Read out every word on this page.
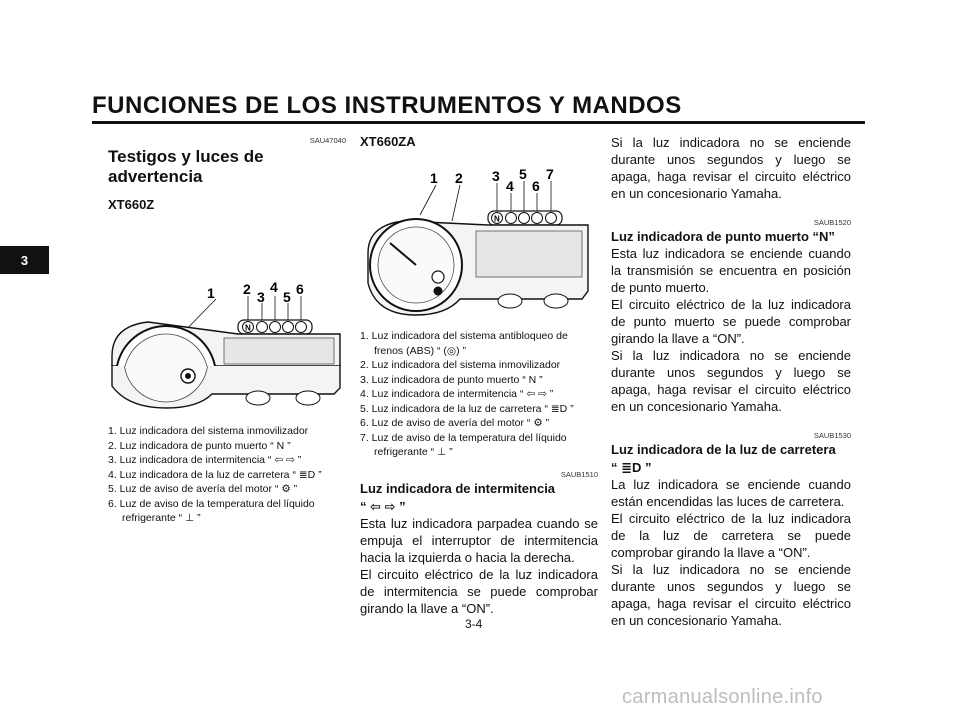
FUNCIONES DE LOS INSTRUMENTOS Y MANDOS
3
SAU47040
Testigos y luces de advertencia
XT660Z
1 2 3
4
5 6
N
1. Luz indicadora del sistema inmovilizador
2. Luz indicadora de punto muerto “ N ”
3. Luz indicadora de intermitencia “ ⇦ ⇨ ”
4. Luz indicadora de la luz de carretera “ ≣D ”
5. Luz de aviso de avería del motor “ ⚙ ”
6. Luz de aviso de la temperatura del líquido refrigerante “ ⊥ ”
XT660ZA
1 2 3
4
5
6
7
N
1. Luz indicadora del sistema antibloqueo de frenos (ABS) “ (◎) ”
2. Luz indicadora del sistema inmovilizador
3. Luz indicadora de punto muerto “ N ”
4. Luz indicadora de intermitencia “ ⇦ ⇨ ”
5. Luz indicadora de la luz de carretera “ ≣D ”
6. Luz de aviso de avería del motor “ ⚙ ”
7. Luz de aviso de la temperatura del líquido refrigerante “ ⊥ ”
SAUB1510
Luz indicadora de intermitencia
“ ⇦ ⇨ ”
Esta luz indicadora parpadea cuando se empuja el interruptor de intermitencia hacia la izquierda o hacia la derecha.
El circuito eléctrico de la luz indicadora de intermitencia se puede comprobar girando la llave a “ON”.
Si la luz indicadora no se enciende durante unos segundos y luego se apaga, haga revisar el circuito eléctrico en un concesionario Yamaha.
SAUB1520
Luz indicadora de punto muerto “N”
Esta luz indicadora se enciende cuando la transmisión se encuentra en posición de punto muerto.
El circuito eléctrico de la luz indicadora de punto muerto se puede comprobar girando la llave a “ON”.
Si la luz indicadora no se enciende durante unos segundos y luego se apaga, haga revisar el circuito eléctrico en un concesionario Yamaha.
SAUB1530
Luz indicadora de la luz de carretera
“ ≣D ”
La luz indicadora se enciende cuando están encendidas las luces de carretera.
El circuito eléctrico de la luz indicadora de la luz de carretera se puede comprobar girando la llave a “ON”.
Si la luz indicadora no se enciende durante unos segundos y luego se apaga, haga revisar el circuito eléctrico en un concesionario Yamaha.
3-4
carmanualsonline.info
